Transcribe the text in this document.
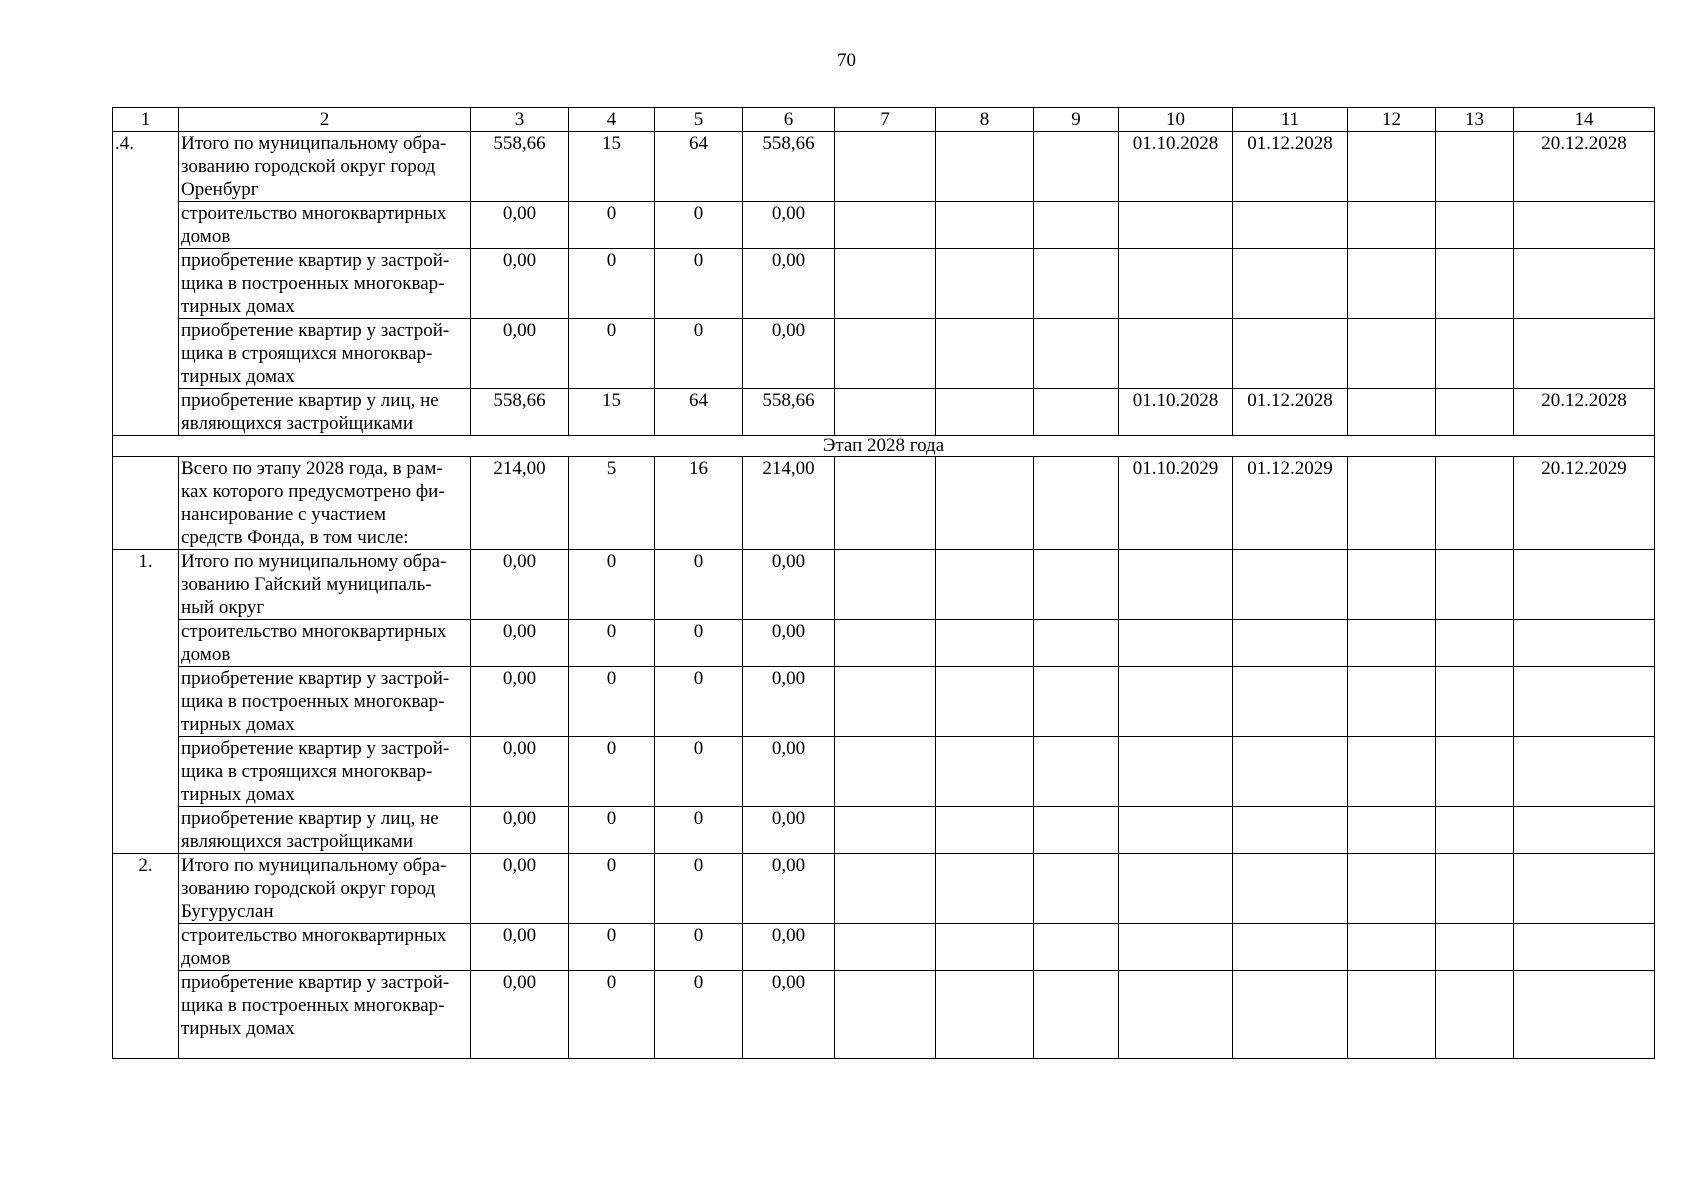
70
1	2	3	4	5	6	7	8	9	10	11	12	13	14
.4.	Итого по муниципальному обра-
зованию городской округ город
Оренбург	558,66	15	64	558,66				01.10.2028	01.12.2028			20.12.2028
	строительство многоквартирных
домов	0,00	0	0	0,00								
	приобретение квартир у застрой-
щика в построенных многоквар-
тирных домах	0,00	0	0	0,00								
	приобретение квартир у застрой-
щика в строящихся многоквар-
тирных домах	0,00	0	0	0,00								
	приобретение квартир у лиц, не
являющихся застройщиками	558,66	15	64	558,66				01.10.2028	01.12.2028			20.12.2028
Этап 2028 года													
	Всего по этапу 2028 года, в рам-
ках которого предусмотрено фи-
нансирование с участием
средств Фонда, в том числе:	214,00	5	16	214,00				01.10.2029	01.12.2029			20.12.2029
1.	Итого по муниципальному обра-
зованию Гайский муниципаль-
ный округ	0,00	0	0	0,00								
	строительство многоквартирных
домов	0,00	0	0	0,00								
	приобретение квартир у застрой-
щика в построенных многоквар-
тирных домах	0,00	0	0	0,00								
	приобретение квартир у застрой-
щика в строящихся многоквар-
тирных домах	0,00	0	0	0,00								
	приобретение квартир у лиц, не
являющихся застройщиками	0,00	0	0	0,00								
2.	Итого по муниципальному обра-
зованию городской округ город
Бугуруслан	0,00	0	0	0,00								
	строительство многоквартирных
домов	0,00	0	0	0,00								
	приобретение квартир у застрой-
щика в построенных многоквар-
тирных домах	0,00	0	0	0,00								
